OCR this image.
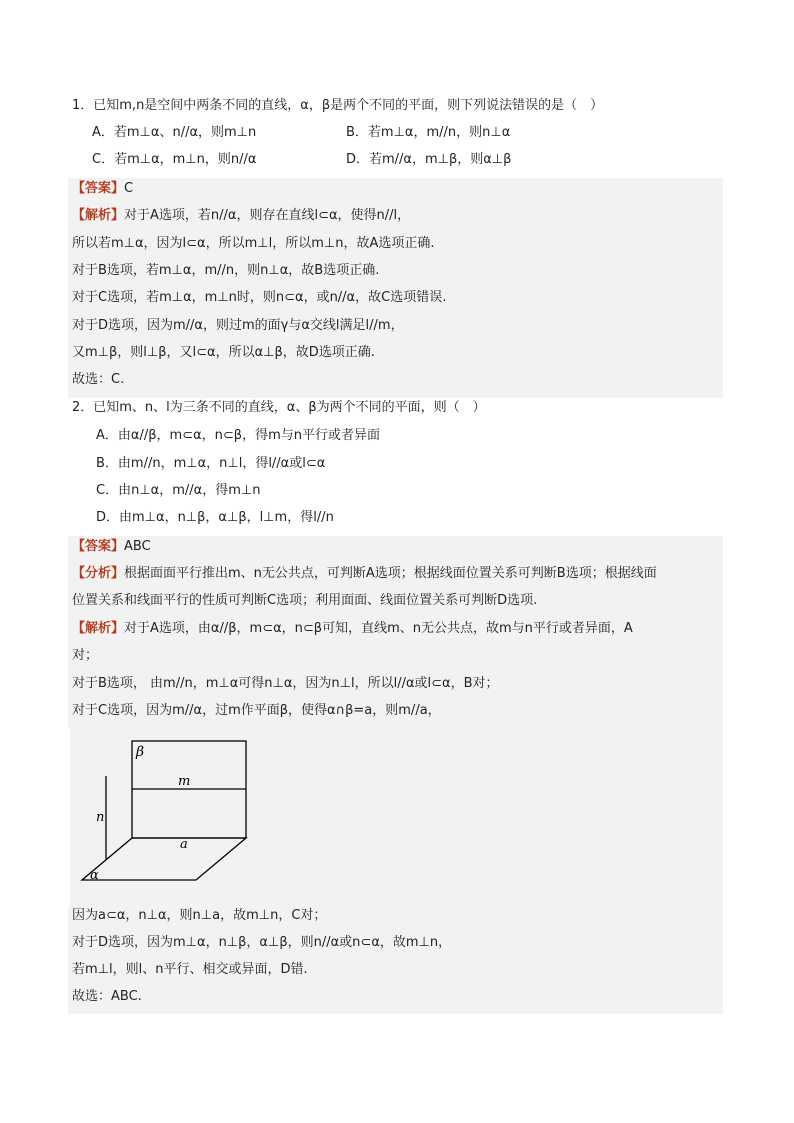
1．已知m,n是空间中两条不同的直线，α，β是两个不同的平面，则下列说法错误的是（　）
A．若m⊥α、n//α，则m⊥n	B．若m⊥α，m//n，则n⊥α
C．若m⊥α，m⊥n，则n//α	D．若m//α，m⊥β，则α⊥β
【答案】C
【解析】对于A选项，若n//α，则存在直线l⊂α，使得n//l，
所以若m⊥α，因为l⊂α，所以m⊥l，所以m⊥n，故A选项正确.
对于B选项，若m⊥α，m//n，则n⊥α，故B选项正确.
对于C选项，若m⊥α，m⊥n时，则n⊂α，或n//α，故C选项错误.
对于D选项，因为m//α，则过m的面γ与α交线l满足l//m，
又m⊥β，则l⊥β，又l⊂α，所以α⊥β，故D选项正确.
故选：C.
2．已知m、n、l为三条不同的直线，α、β为两个不同的平面，则（　）
A．由α//β，m⊂α，n⊂β，得m与n平行或者异面
B．由m//n，m⊥α，n⊥l，得l//α或l⊂α
C．由n⊥α，m//α，得m⊥n
D．由m⊥α，n⊥β，α⊥β，l⊥m，得l//n
【答案】ABC
【分析】根据面面平行推出m、n无公共点，可判断A选项；根据线面位置关系可判断B选项；根据线面
位置关系和线面平行的性质可判断C选项；利用面面、线面位置关系可判断D选项.
【解析】对于A选项，由α//β，m⊂α，n⊂β可知，直线m、n无公共点，故m与n平行或者异面，A
对；
对于B选项， 由m//n，m⊥α可得n⊥α，因为n⊥l，所以l//α或l⊂α，B对；
对于C选项，因为m//α，过m作平面β，使得α∩β=a，则m//a，
β
m
n
a
α
因为a⊂α，n⊥α，则n⊥a，故m⊥n，C对；
对于D选项，因为m⊥α，n⊥β，α⊥β，则n//α或n⊂α，故m⊥n，
若m⊥l，则l、n平行、相交或异面，D错.
故选：ABC.
